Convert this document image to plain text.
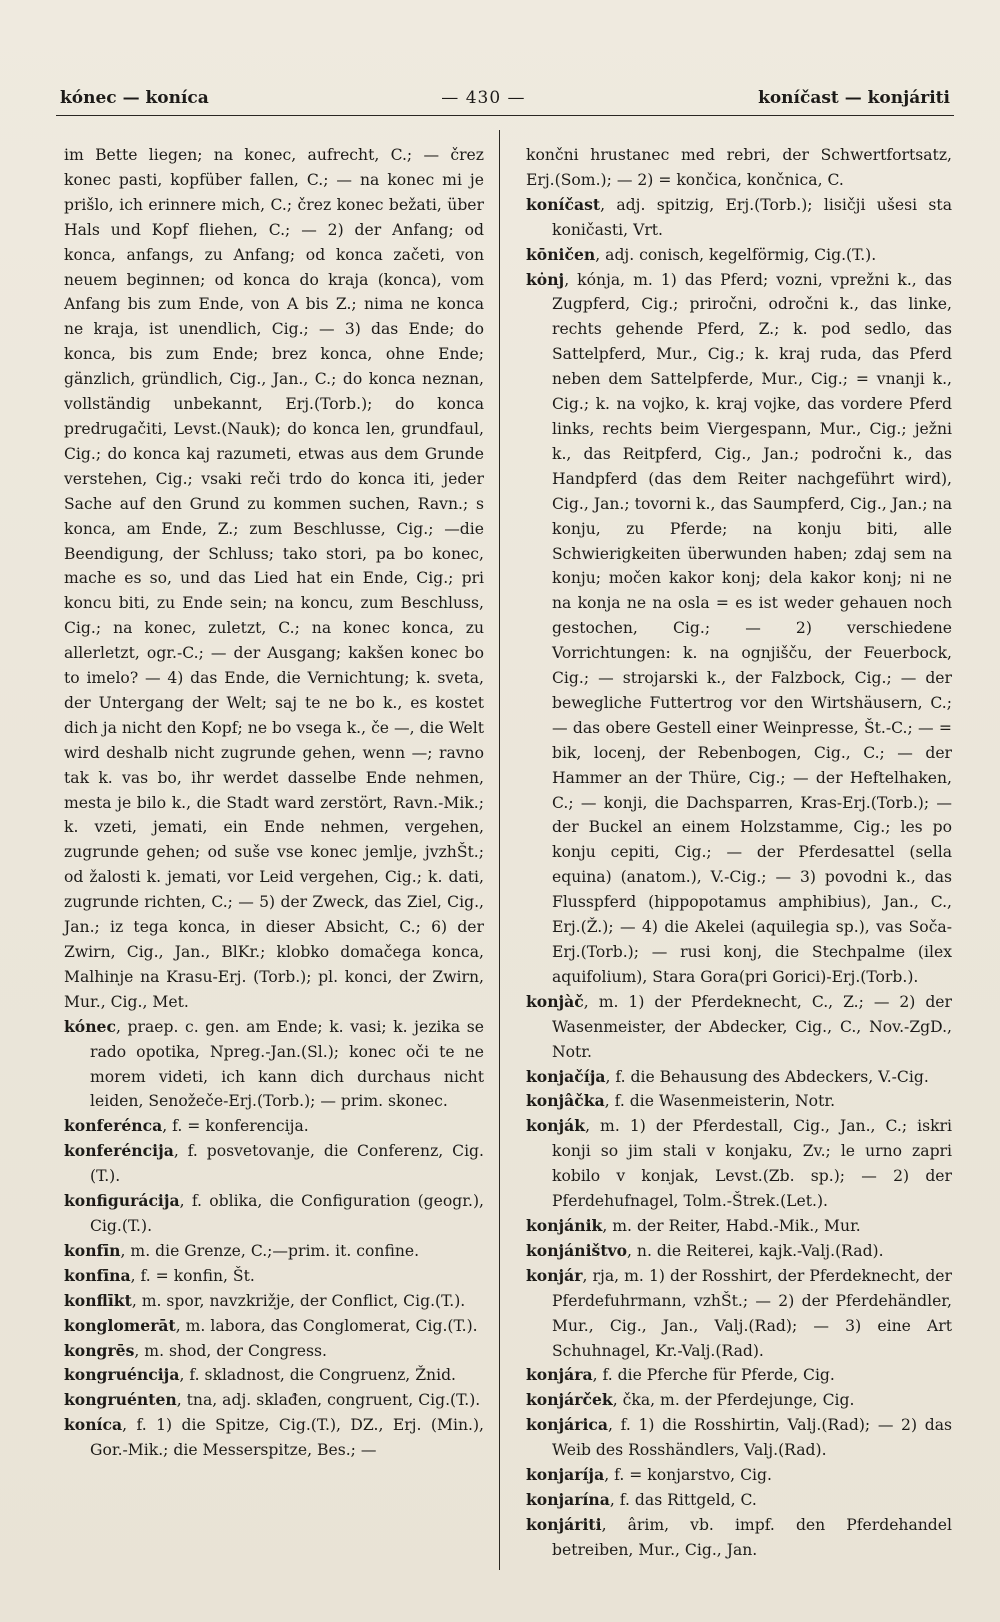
kónec — koníca	— 430 —	koníčast — konjáriti

im Bette liegen; na konec, aufrecht, C.; — črez konec pasti, kopfüber fallen, C.; — na konec mi je prišlo, ich erinnere mich, C.; črez konec bežati, über Hals und Kopf fliehen, C.; — 2) der Anfang; od konca, anfangs, zu Anfang; od konca začeti, von neuem beginnen; od konca do kraja (konca), vom Anfang bis zum Ende, von A bis Z.; nima ne konca ne kraja, ist unendlich, Cig.; — 3) das Ende; do konca, bis zum Ende; brez konca, ohne Ende; gänzlich, gründlich, Cig., Jan., C.; do konca neznan, vollständig unbekannt, Erj.(Torb.); do konca predrugačiti, Levst.(Nauk); do konca len, grundfaul, Cig.; do konca kaj razumeti, etwas aus dem Grunde verstehen, Cig.; vsaki reči trdo do konca iti, jeder Sache auf den Grund zu kommen suchen, Ravn.; s konca, am Ende, Z.; zum Beschlusse, Cig.; —die Beendigung, der Schluss; tako stori, pa bo konec, mache es so, und das Lied hat ein Ende, Cig.; pri koncu biti, zu Ende sein; na koncu, zum Beschluss, Cig.; na konec, zuletzt, C.; na konec konca, zu allerletzt, ogr.-C.; — der Ausgang; kakšen konec bo to imelo? — 4) das Ende, die Vernichtung; k. sveta, der Untergang der Welt; saj te ne bo k., es kostet dich ja nicht den Kopf; ne bo vsega k., če —, die Welt wird deshalb nicht zugrunde gehen, wenn —; ravno tak k. vas bo, ihr werdet dasselbe Ende nehmen, mesta je bilo k., die Stadt ward zerstört, Ravn.-Mik.; k. vzeti, jemati, ein Ende nehmen, vergehen, zugrunde gehen; od suše vse konec jemlje, jvzhŠt.; od žalosti k. jemati, vor Leid vergehen, Cig.; k. dati, zugrunde richten, C.; — 5) der Zweck, das Ziel, Cig., Jan.; iz tega konca, in dieser Absicht, C.; 6) der Zwirn, Cig., Jan., BlKr.; klobko domačega konca, Malhinje na Krasu-Erj. (Torb.); pl. konci, der Zwirn, Mur., Cig., Met.

kónec, praep. c. gen. am Ende; k. vasi; k. jezika se rado opotika, Npreg.-Jan.(Sl.); konec oči te ne morem videti, ich kann dich durchaus nicht leiden, Senožeče-Erj.(Torb.); — prim. skonec.

konferénca, f. = konferencija.

konferéncija, f. posvetovanje, die Conferenz, Cig.(T.).

konfigurácija, f. oblika, die Configuration (geogr.), Cig.(T.).

konfīn, m. die Grenze, C.;—prim. it. confine.

konfīna, f. = konfin, Št.

konflīkt, m. spor, navzkrižje, der Conflict, Cig.(T.).

konglomerāt, m. labora, das Conglomerat, Cig.(T.).

kongrēs, m. shod, der Congress.

kongruéncija, f. skladnost, die Congruenz, Žnid.

kongruénten, tna, adj. sklađen, congruent, Cig.(T.).

koníca, f. 1) die Spitze, Cig.(T.), DZ., Erj. (Min.), Gor.-Mik.; die Messerspitze, Bes.; —

končni hrustanec med rebri, der Schwertfortsatz, Erj.(Som.); — 2) = končica, končnica, C.

koníčast, adj. spitzig, Erj.(Torb.); lisičji ušesi sta koničasti, Vrt.

kōničen, adj. conisch, kegelförmig, Cig.(T.).

kȯnj, kónja, m. 1) das Pferd; vozni, vprežni k., das Zugpferd, Cig.; priročni, odročni k., das linke, rechts gehende Pferd, Z.; k. pod sedlo, das Sattelpferd, Mur., Cig.; k. kraj ruda, das Pferd neben dem Sattelpferde, Mur., Cig.; = vnanji k., Cig.; k. na vojko, k. kraj vojke, das vordere Pferd links, rechts beim Viergespann, Mur., Cig.; ježni k., das Reitpferd, Cig., Jan.; področni k., das Handpferd (das dem Reiter nachgeführt wird), Cig., Jan.; tovorni k., das Saumpferd, Cig., Jan.; na konju, zu Pferde; na konju biti, alle Schwierigkeiten überwunden haben; zdaj sem na konju; močen kakor konj; dela kakor konj; ni ne na konja ne na osla = es ist weder gehauen noch gestochen, Cig.; — 2) verschiedene Vorrichtungen: k. na ognjišču, der Feuerbock, Cig.; — strojarski k., der Falzbock, Cig.; — der bewegliche Futtertrog vor den Wirtshäusern, C.; — das obere Gestell einer Weinpresse, Št.-C.; — = bik, locenj, der Rebenbogen, Cig., C.; — der Hammer an der Thüre, Cig.; — der Heftelhaken, C.; — konji, die Dachsparren, Kras-Erj.(Torb.); — der Buckel an einem Holzstamme, Cig.; les po konju cepiti, Cig.; — der Pferdesattel (sella equina) (anatom.), V.-Cig.; — 3) povodni k., das Flusspferd (hippopotamus amphibius), Jan., C., Erj.(Ž.); — 4) die Akelei (aquilegia sp.), vas Soča-Erj.(Torb.); — rusi konj, die Stechpalme (ilex aquifolium), Stara Gora(pri Gorici)-Erj.(Torb.).

konjàč, m. 1) der Pferdeknecht, C., Z.; — 2) der Wasenmeister, der Abdecker, Cig., C., Nov.-ZgD., Notr.

konjačíja, f. die Behausung des Abdeckers, V.-Cig.

konjâčka, f. die Wasenmeisterin, Notr.

konják, m. 1) der Pferdestall, Cig., Jan., C.; iskri konji so jim stali v konjaku, Zv.; le urno zapri kobilo v konjak, Levst.(Zb. sp.); — 2) der Pferdehufnagel, Tolm.-Štrek.(Let.).

konjánik, m. der Reiter, Habd.-Mik., Mur.

konjáništvo, n. die Reiterei, kajk.-Valj.(Rad).

konjár, rja, m. 1) der Rosshirt, der Pferdeknecht, der Pferdefuhrmann, vzhŠt.; — 2) der Pferdehändler, Mur., Cig., Jan., Valj.(Rad); — 3) eine Art Schuhnagel, Kr.-Valj.(Rad).

konjára, f. die Pferche für Pferde, Cig.

konjárček, čka, m. der Pferdejunge, Cig.

konjárica, f. 1) die Rosshirtin, Valj.(Rad); — 2) das Weib des Rosshändlers, Valj.(Rad).

konjaríja, f. = konjarstvo, Cig.

konjarína, f. das Rittgeld, C.

konjáriti, ârim, vb. impf. den Pferdehandel betreiben, Mur., Cig., Jan.
